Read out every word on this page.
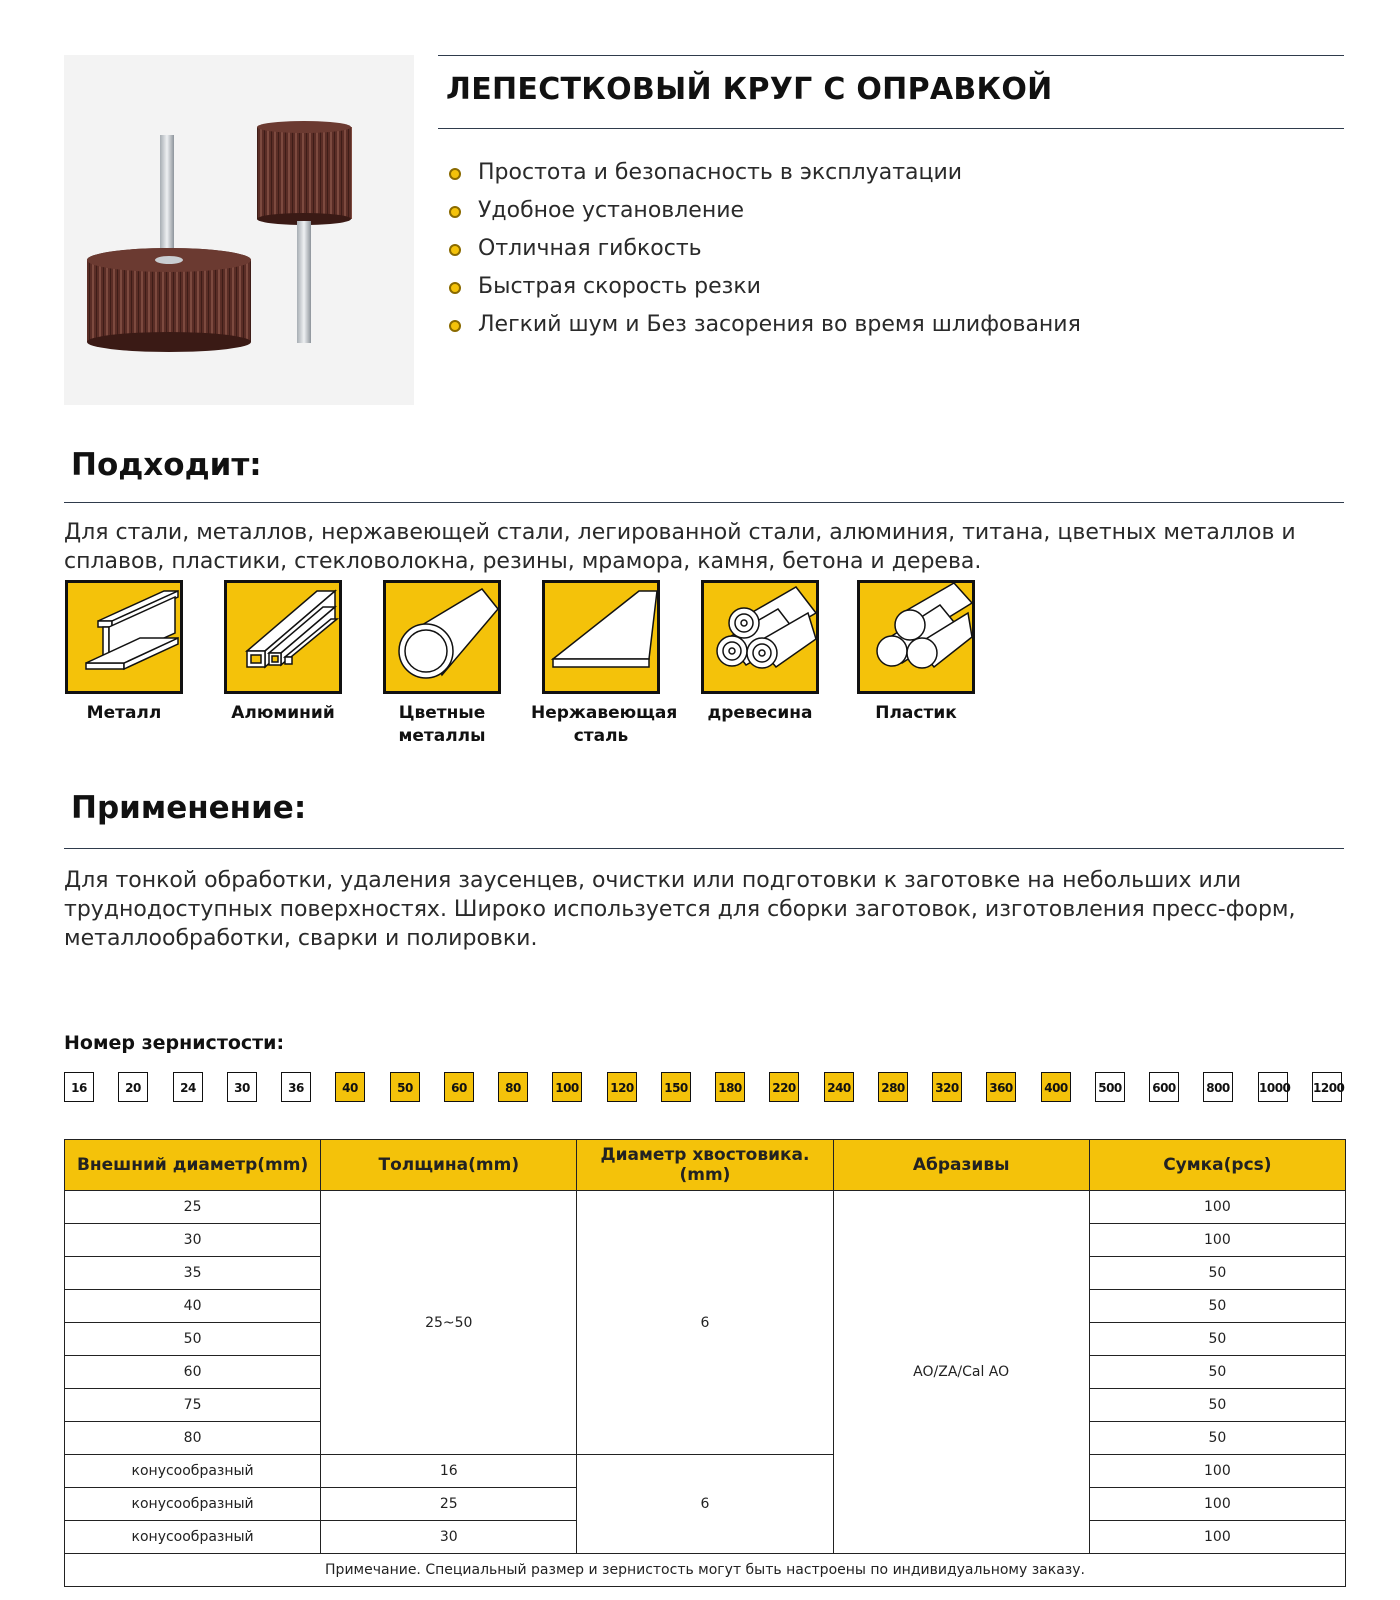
ЛЕПЕСТКОВЫЙ КРУГ С ОПРАВКОЙ
Простота и безопасность в эксплуатации
Удобное установление
Отличная гибкость
Быстрая скорость резки
Легкий шум и Без засорения во время шлифования
Подходит:
Для стали, металлов, нержавеющей стали, легированной стали, алюминия, титана, цветных металлов и сплавов, пластики, стекловолокна, резины, мрамора, камня, бетона и дерева.
Металл	Алюминий	Цветные
металлы
Нержавеющая
сталь
древесина	Пластик
Применение:
Для тонкой обработки, удаления заусенцев, очистки или подготовки к заготовке на небольших или труднодоступных поверхностях. Широко используется для сборки заготовок, изготовления пресс-форм, металлообработки, сварки и полировки.
Номер зернистости:
16	20	24	30	36	40	50	60	80	100	120	150	180	220	240	280	320	360	400	500	600	800 1000 1200
Внешний диаметр(mm)	Толщина(mm)	Диаметр хвостовика. (mm)	Абразивы	Сумка(pcs)
25	25~50	6	AO/ZA/Cal AO	100
30				100
35				50
40				50
50				50
60				50
75				50
80				50
конусообразный	16	6		100
конусообразный	25			100
конусообразный	30			100
Примечание. Специальный размер и зернистость могут быть настроены по индивидуальному заказу.				
